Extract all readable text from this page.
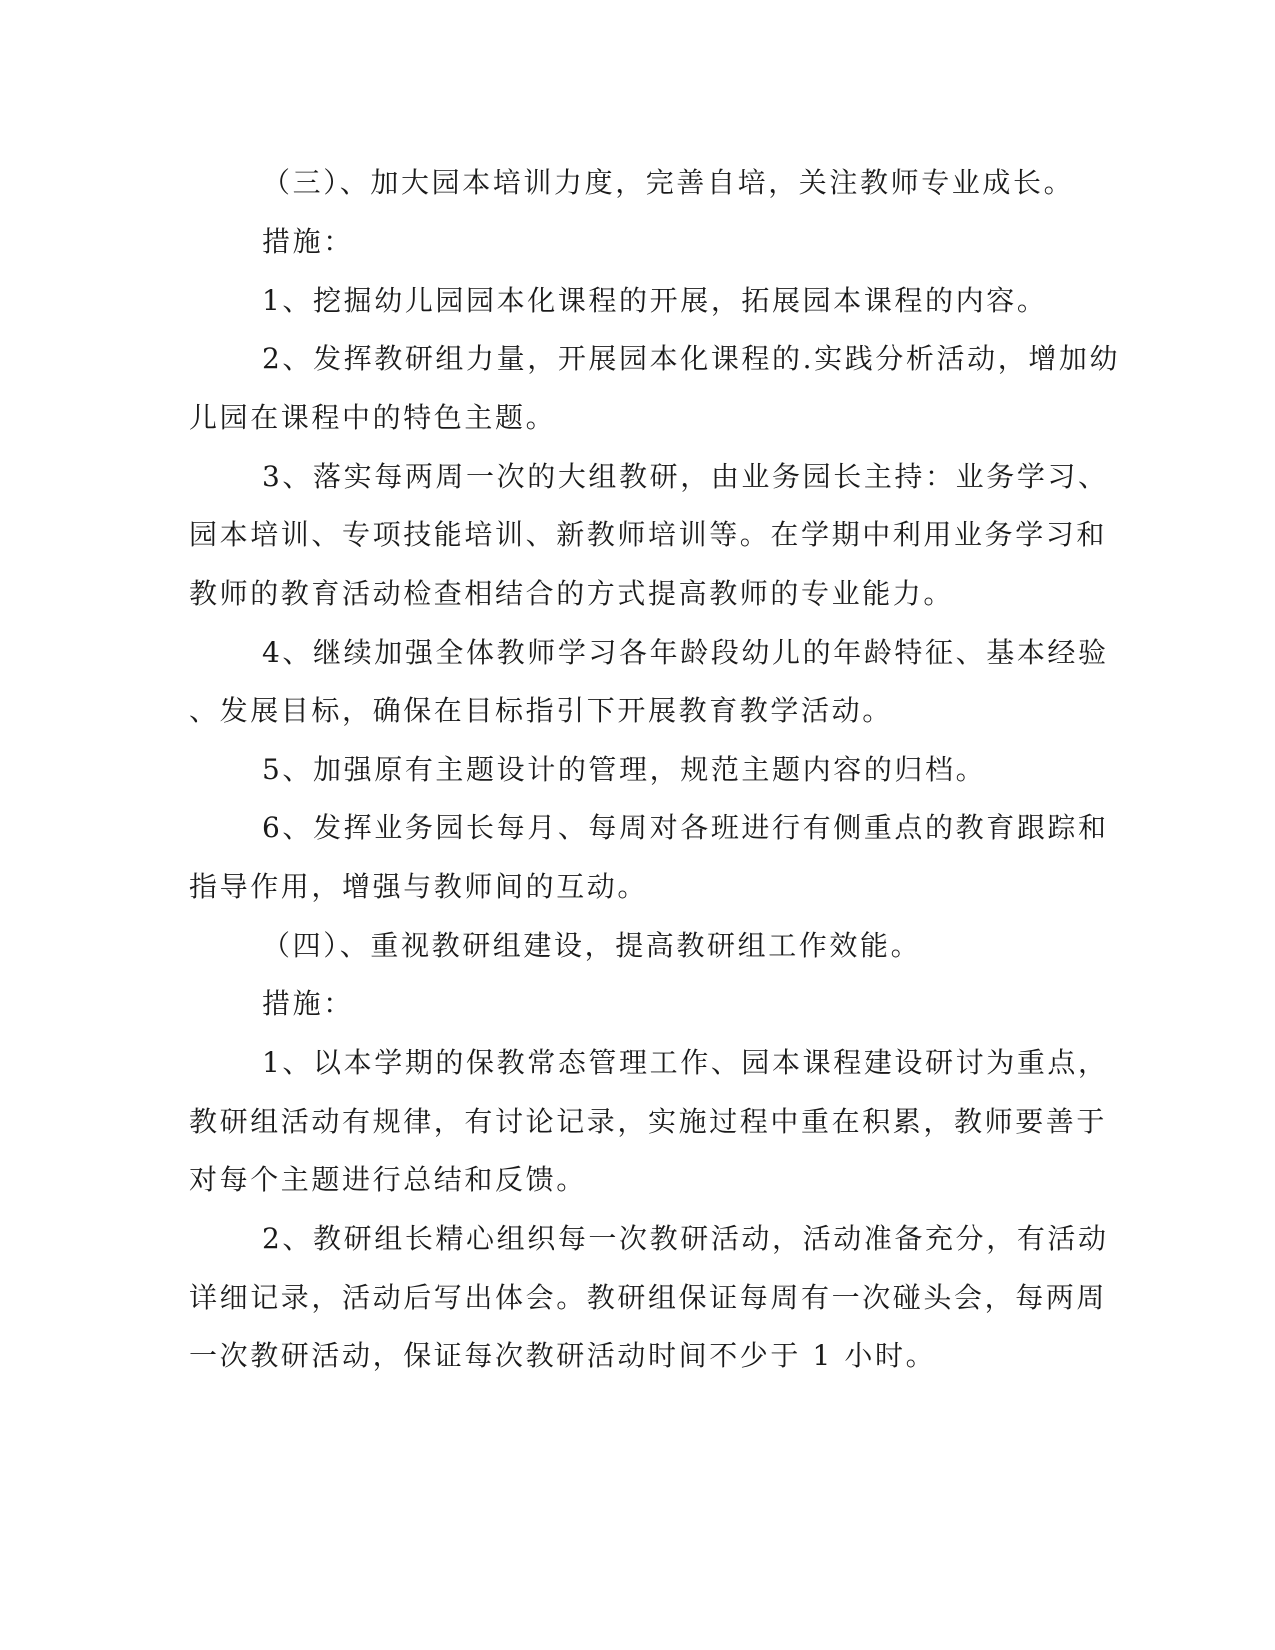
（三）、加大园本培训力度，完善自培，关注教师专业成长。
措施：
1、挖掘幼儿园园本化课程的开展，拓展园本课程的内容。
2、发挥教研组力量，开展园本化课程的.实践分析活动，增加幼
儿园在课程中的特色主题。
3、落实每两周一次的大组教研，由业务园长主持：业务学习、
园本培训、专项技能培训、新教师培训等。在学期中利用业务学习和
教师的教育活动检查相结合的方式提高教师的专业能力。
4、继续加强全体教师学习各年龄段幼儿的年龄特征、基本经验
、发展目标，确保在目标指引下开展教育教学活动。
5、加强原有主题设计的管理，规范主题内容的归档。
6、发挥业务园长每月、每周对各班进行有侧重点的教育跟踪和
指导作用，增强与教师间的互动。
（四）、重视教研组建设，提高教研组工作效能。
措施：
1、以本学期的保教常态管理工作、园本课程建设研讨为重点，
教研组活动有规律，有讨论记录，实施过程中重在积累，教师要善于
对每个主题进行总结和反馈。
2、教研组长精心组织每一次教研活动，活动准备充分，有活动
详细记录，活动后写出体会。教研组保证每周有一次碰头会，每两周
一次教研活动，保证每次教研活动时间不少于 1 小时。
